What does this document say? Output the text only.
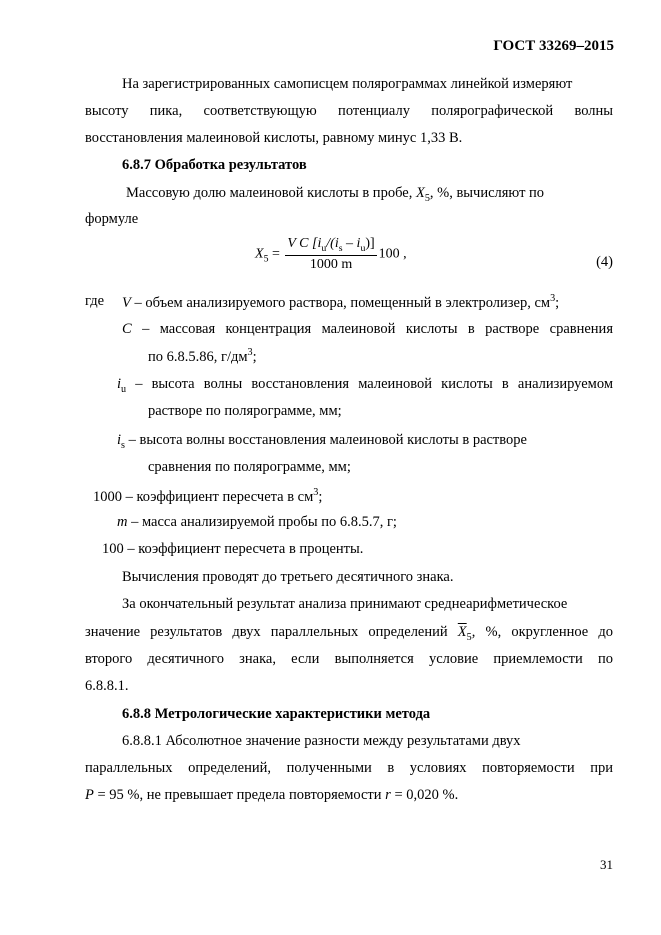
ГОСТ 33269–2015
На зарегистрированных самописцем полярограммах линейкой измеряют
высоту пика, соответствующую потенциалу полярографической волны
восстановления малеиновой кислоты, равному минус 1,33 В.
6.8.7 Обработка результатов
Массовую долю малеиновой кислоты в пробе, $X_5$, %, вычисляют по
формуле
$X_5 = \frac{V C [i_u/(i_s - i_u)]}{1000 m} 100$ ,	(4)
где V – объем анализируемого раствора, помещенный в электролизер, $см^3$;
C – массовая концентрация малеиновой кислоты в растворе сравнения
по 6.8.5.86, $г/дм^3$;
$i_u$ – высота волны восстановления малеиновой кислоты в анализируемом
растворе по полярограмме, мм;
$i_s$ – высота волны восстановления малеиновой кислоты в растворе
сравнения по полярограмме, мм;
1000 – коэффициент пересчета в $см^3$;
m – масса анализируемой пробы по 6.8.5.7, г;
100 – коэффициент пересчета в проценты.
Вычисления проводят до третьего десятичного знака.
За окончательный результат анализа принимают среднеарифметическое
значение результатов двух параллельных определений $\overline{X}_5$, %, округленное до
второго десятичного знака, если выполняется условие приемлемости по
6.8.8.1.
6.8.8 Метрологические характеристики метода
6.8.8.1 Абсолютное значение разности между результатами двух
параллельных определений, полученными в условиях повторяемости при
P = 95 %, не превышает предела повторяемости r = 0,020 %.
31
